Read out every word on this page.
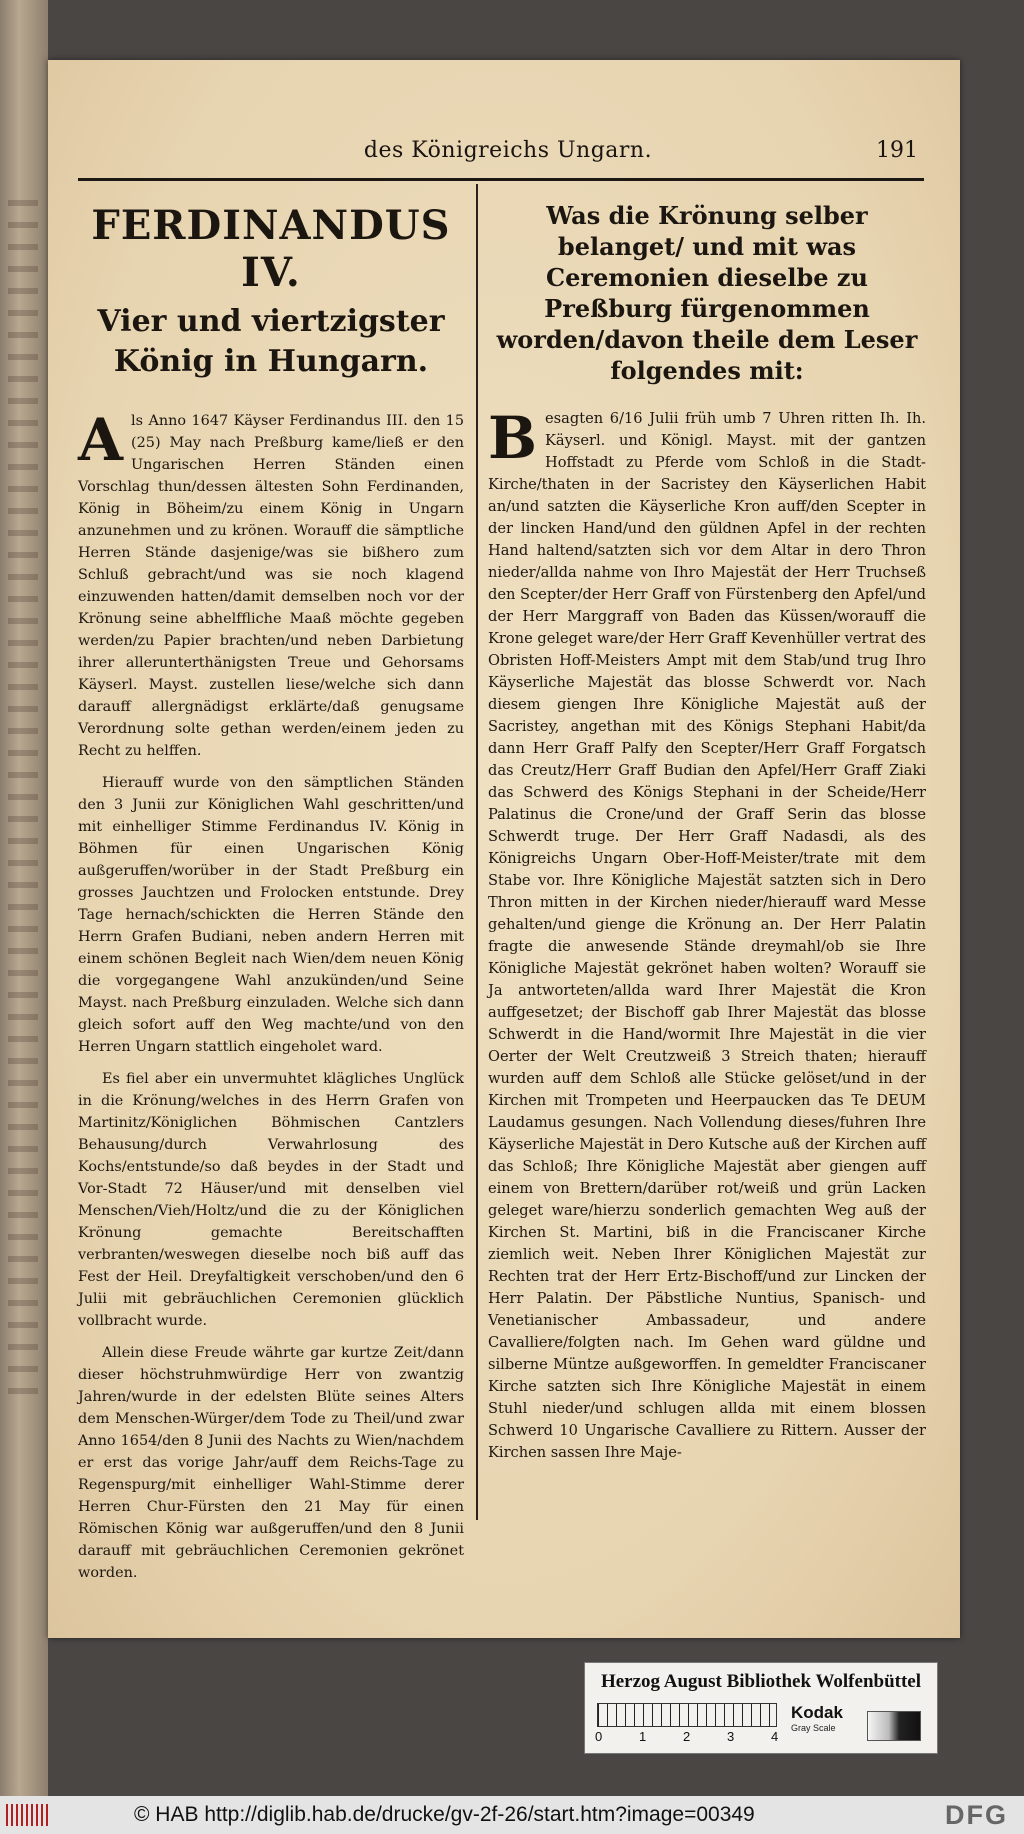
des Königreichs Ungarn.	191
FERDINANDUS IV.
Vier und viertzigster König in Hungarn.

Als Anno 1647 Käyser Ferdinandus III. den 15 (25) May nach Preßburg kame/ließ er den Ungarischen Herren Ständen einen Vorschlag thun/dessen ältesten Sohn Ferdinanden, König in Böheim/zu einem König in Ungarn anzunehmen und zu krönen. Worauff die sämptliche Herren Stände dasjenige/was sie bißhero zum Schluß gebracht/und was sie noch klagend einzuwenden hatten/damit demselben noch vor der Krönung seine abhelffliche Maaß möchte gegeben werden/zu Papier brachten/und neben Darbietung ihrer allerunterthänigsten Treue und Gehorsams Käyserl. Mayst. zustellen liese/welche sich dann darauff allergnädigst erklärte/daß genugsame Verordnung solte gethan werden/einem jeden zu Recht zu helffen.

Hierauff wurde von den sämptlichen Ständen den 3 Junii zur Königlichen Wahl geschritten/und mit einhelliger Stimme Ferdinandus IV. König in Böhmen für einen Ungarischen König außgeruffen/worüber in der Stadt Preßburg ein grosses Jauchtzen und Frolocken entstunde. Drey Tage hernach/schickten die Herren Stände den Herrn Grafen Budiani, neben andern Herren mit einem schönen Begleit nach Wien/dem neuen König die vorgegangene Wahl anzukünden/und Seine Mayst. nach Preßburg einzuladen. Welche sich dann gleich sofort auff den Weg machte/und von den Herren Ungarn stattlich eingeholet ward.

Es fiel aber ein unvermuhtet klägliches Unglück in die Krönung/welches in des Herrn Grafen von Martinitz/Königlichen Böhmischen Cantzlers Behausung/durch Verwahrlosung des Kochs/entstunde/so daß beydes in der Stadt und Vor-Stadt 72 Häuser/und mit denselben viel Menschen/Vieh/Holtz/und die zu der Königlichen Krönung gemachte Bereitschafften verbranten/weswegen dieselbe noch biß auff das Fest der Heil. Dreyfaltigkeit verschoben/und den 6 Julii mit gebräuchlichen Ceremonien glücklich vollbracht wurde.

Allein diese Freude währte gar kurtze Zeit/dann dieser höchstruhmwürdige Herr von zwantzig Jahren/wurde in der edelsten Blüte seines Alters dem Menschen-Würger/dem Tode zu Theil/und zwar Anno 1654/den 8 Junii des Nachts zu Wien/nachdem er erst das vorige Jahr/auff dem Reichs-Tage zu Regenspurg/mit einhelliger Wahl-Stimme derer Herren Chur-Fürsten den 21 May für einen Römischen König war außgeruffen/und den 8 Junii darauff mit gebräuchlichen Ceremonien gekrönet worden.

Was die Krönung selber belanget/ und mit was Ceremonien dieselbe zu Preßburg fürgenommen worden/davon theile dem Leser folgendes mit:

Besagten 6/16 Julii früh umb 7 Uhren ritten Ih. Ih. Käyserl. und Königl. Mayst. mit der gantzen Hoffstadt zu Pferde vom Schloß in die Stadt-Kirche/thaten in der Sacristey den Käyserlichen Habit an/und satzten die Käyserliche Kron auff/den Scepter in der lincken Hand/und den güldnen Apfel in der rechten Hand haltend/satzten sich vor dem Altar in dero Thron nieder/allda nahme von Ihro Majestät der Herr Truchseß den Scepter/der Herr Graff von Fürstenberg den Apfel/und der Herr Marggraff von Baden das Küssen/worauff die Krone geleget ware/der Herr Graff Kevenhüller vertrat des Obristen Hoff-Meisters Ampt mit dem Stab/und trug Ihro Käyserliche Majestät das blosse Schwerdt vor. Nach diesem giengen Ihre Königliche Majestät auß der Sacristey, angethan mit des Königs Stephani Habit/da dann Herr Graff Palfy den Scepter/Herr Graff Forgatsch das Creutz/Herr Graff Budian den Apfel/Herr Graff Ziaki das Schwerd des Königs Stephani in der Scheide/Herr Palatinus die Crone/und der Graff Serin das blosse Schwerdt truge. Der Herr Graff Nadasdi, als des Königreichs Ungarn Ober-Hoff-Meister/trate mit dem Stabe vor. Ihre Königliche Majestät satzten sich in Dero Thron mitten in der Kirchen nieder/hierauff ward Messe gehalten/und gienge die Krönung an. Der Herr Palatin fragte die anwesende Stände dreymahl/ob sie Ihre Königliche Majestät gekrönet haben wolten? Worauff sie Ja antworteten/allda ward Ihrer Majestät die Kron auffgesetzet; der Bischoff gab Ihrer Majestät das blosse Schwerdt in die Hand/wormit Ihre Majestät in die vier Oerter der Welt Creutzweiß 3 Streich thaten; hierauff wurden auff dem Schloß alle Stücke gelöset/und in der Kirchen mit Trompeten und Heerpaucken das Te DEUM Laudamus gesungen. Nach Vollendung dieses/fuhren Ihre Käyserliche Majestät in Dero Kutsche auß der Kirchen auff das Schloß; Ihre Königliche Majestät aber giengen auff einem von Brettern/darüber rot/weiß und grün Lacken geleget ware/hierzu sonderlich gemachten Weg auß der Kirchen St. Martini, biß in die Franciscaner Kirche ziemlich weit. Neben Ihrer Königlichen Majestät zur Rechten trat der Herr Ertz-Bischoff/und zur Lincken der Herr Palatin. Der Päbstliche Nuntius, Spanisch- und Venetianischer Ambassadeur, und andere Cavalliere/folgten nach. Im Gehen ward güldne und silberne Müntze außgeworffen. In gemeldter Franciscaner Kirche satzten sich Ihre Königliche Majestät in einem Stuhl nieder/und schlugen allda mit einem blossen Schwerd 10 Ungarische Cavalliere zu Rittern. Ausser der Kirchen sassen Ihre Maje-

Herzog August Bibliothek Wolfenbüttel
0	1	2	3	4
Kodak
Gray Scale
© HAB http://diglib.hab.de/drucke/gv-2f-26/start.htm?image=00349	DFG
